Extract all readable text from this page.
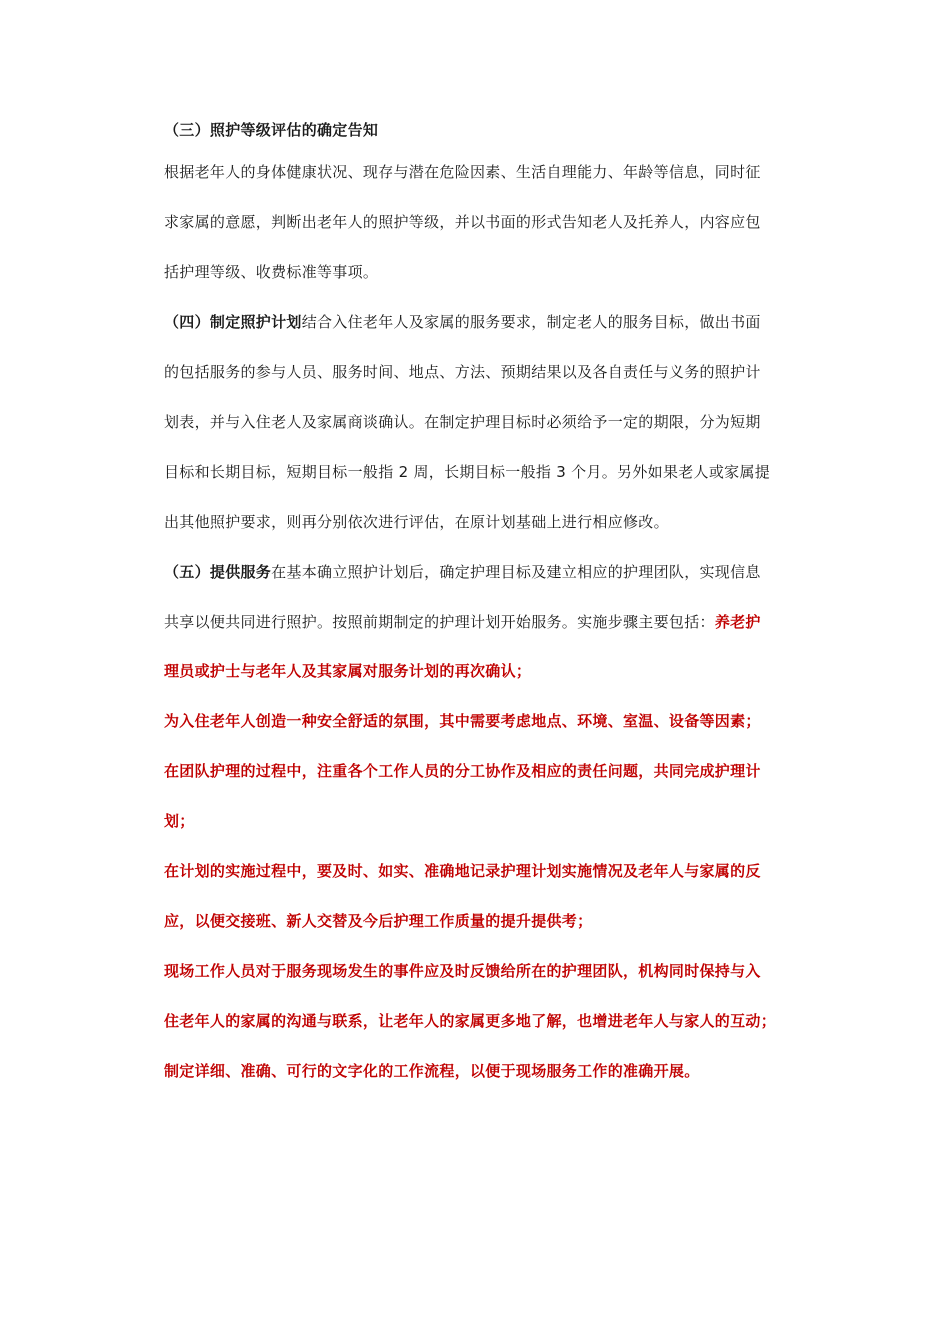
（三）照护等级评估的确定告知
根据老年人的身体健康状况、现存与潜在危险因素、生活自理能力、年龄等信息，同时征
求家属的意愿，判断出老年人的照护等级，并以书面的形式告知老人及托养人，内容应包
括护理等级、收费标准等事项。
（四）制定照护计划结合入住老年人及家属的服务要求，制定老人的服务目标，做出书面
的包括服务的参与人员、服务时间、地点、方法、预期结果以及各自责任与义务的照护计
划表，并与入住老人及家属商谈确认。在制定护理目标时必须给予一定的期限，分为短期
目标和长期目标，短期目标一般指 2 周，长期目标一般指 3 个月。另外如果老人或家属提
出其他照护要求，则再分别依次进行评估，在原计划基础上进行相应修改。
（五）提供服务在基本确立照护计划后，确定护理目标及建立相应的护理团队，实现信息
共享以便共同进行照护。按照前期制定的护理计划开始服务。实施步骤主要包括：养老护
理员或护士与老年人及其家属对服务计划的再次确认；
为入住老年人创造一种安全舒适的氛围，其中需要考虑地点、环境、室温、设备等因素；
在团队护理的过程中，注重各个工作人员的分工协作及相应的责任问题，共同完成护理计
划；
在计划的实施过程中，要及时、如实、准确地记录护理计划实施情况及老年人与家属的反
应，以便交接班、新人交替及今后护理工作质量的提升提供考；
现场工作人员对于服务现场发生的事件应及时反馈给所在的护理团队，机构同时保持与入
住老年人的家属的沟通与联系，让老年人的家属更多地了解，也增进老年人与家人的互动；
制定详细、准确、可行的文字化的工作流程，以便于现场服务工作的准确开展。
